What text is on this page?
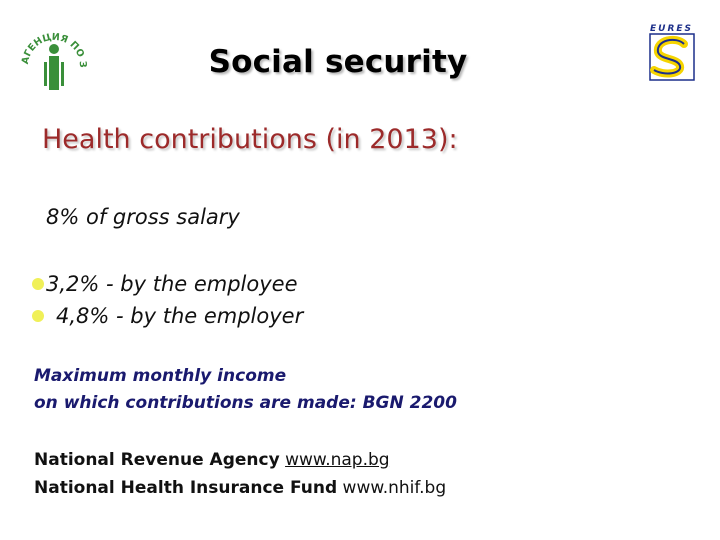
АГЕНЦИЯ ПО З
EURES
Social security
Health contributions (in 2013):
8% of gross salary
3,2% - by the employee
4,8% - by the employer
Maximum monthly income
on which contributions are made: BGN 2200
National Revenue Agency www.nap.bg
National Health Insurance Fund www.nhif.bg
